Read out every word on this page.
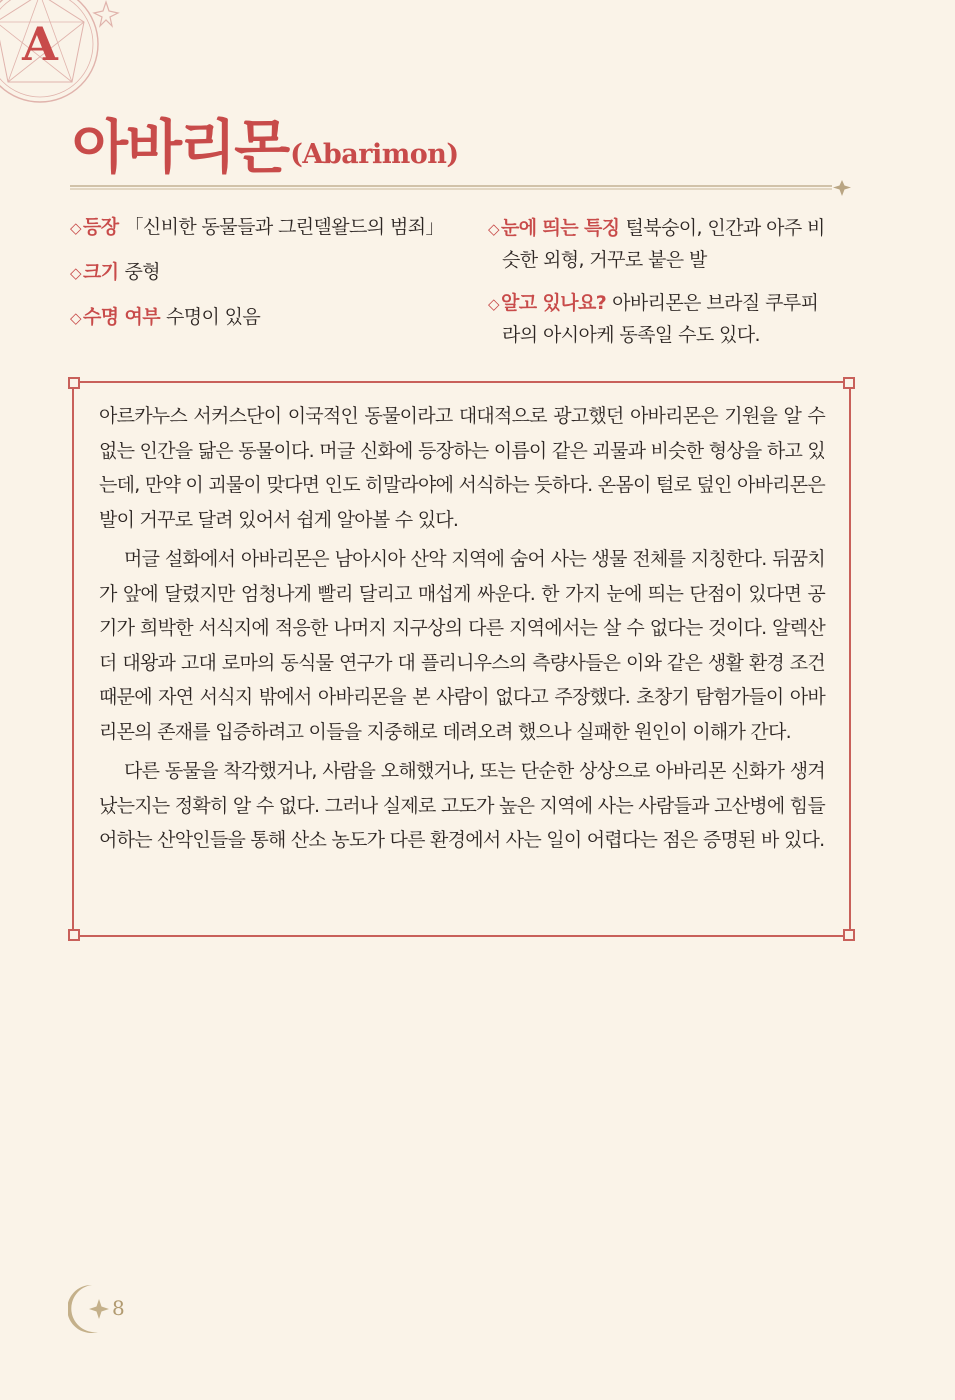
A
아바리몬 (Abarimon)
◇ 등장 「신비한 동물들과 그린델왈드의 범죄」
◇ 크기 중형
◇ 수명 여부 수명이 있음
◇ 눈에 띄는 특징 털북숭이, 인간과 아주 비
슷한 외형, 거꾸로 붙은 발
◇ 알고 있나요? 아바리몬은 브라질 쿠루피
라의 아시아케 동족일 수도 있다.

아르카누스 서커스단이 이국적인 동물이라고 대대적으로 광고했던 아바리몬은 기원을 알 수 없는 인간을 닮은 동물이다. 머글 신화에 등장하는 이름이 같은 괴물과 비슷한 형상을 하고 있는데, 만약 이 괴물이 맞다면 인도 히말라야에 서식하는 듯하다. 온몸이 털로 덮인 아바리몬은 발이 거꾸로 달려 있어서 쉽게 알아볼 수 있다.

머글 설화에서 아바리몬은 남아시아 산악 지역에 숨어 사는 생물 전체를 지칭한다. 뒤꿈치가 앞에 달렸지만 엄청나게 빨리 달리고 매섭게 싸운다. 한 가지 눈에 띄는 단점이 있다면 공기가 희박한 서식지에 적응한 나머지 지구상의 다른 지역에서는 살 수 없다는 것이다. 알렉산더 대왕과 고대 로마의 동식물 연구가 대 플리니우스의 측량사들은 이와 같은 생활 환경 조건 때문에 자연 서식지 밖에서 아바리몬을 본 사람이 없다고 주장했다. 초창기 탐험가들이 아바리몬의 존재를 입증하려고 이들을 지중해로 데려오려 했으나 실패한 원인이 이해가 간다.

다른 동물을 착각했거나, 사람을 오해했거나, 또는 단순한 상상으로 아바리몬 신화가 생겨났는지는 정확히 알 수 없다. 그러나 실제로 고도가 높은 지역에 사는 사람들과 고산병에 힘들어하는 산악인들을 통해 산소 농도가 다른 환경에서 사는 일이 어렵다는 점은 증명된 바 있다.

8
